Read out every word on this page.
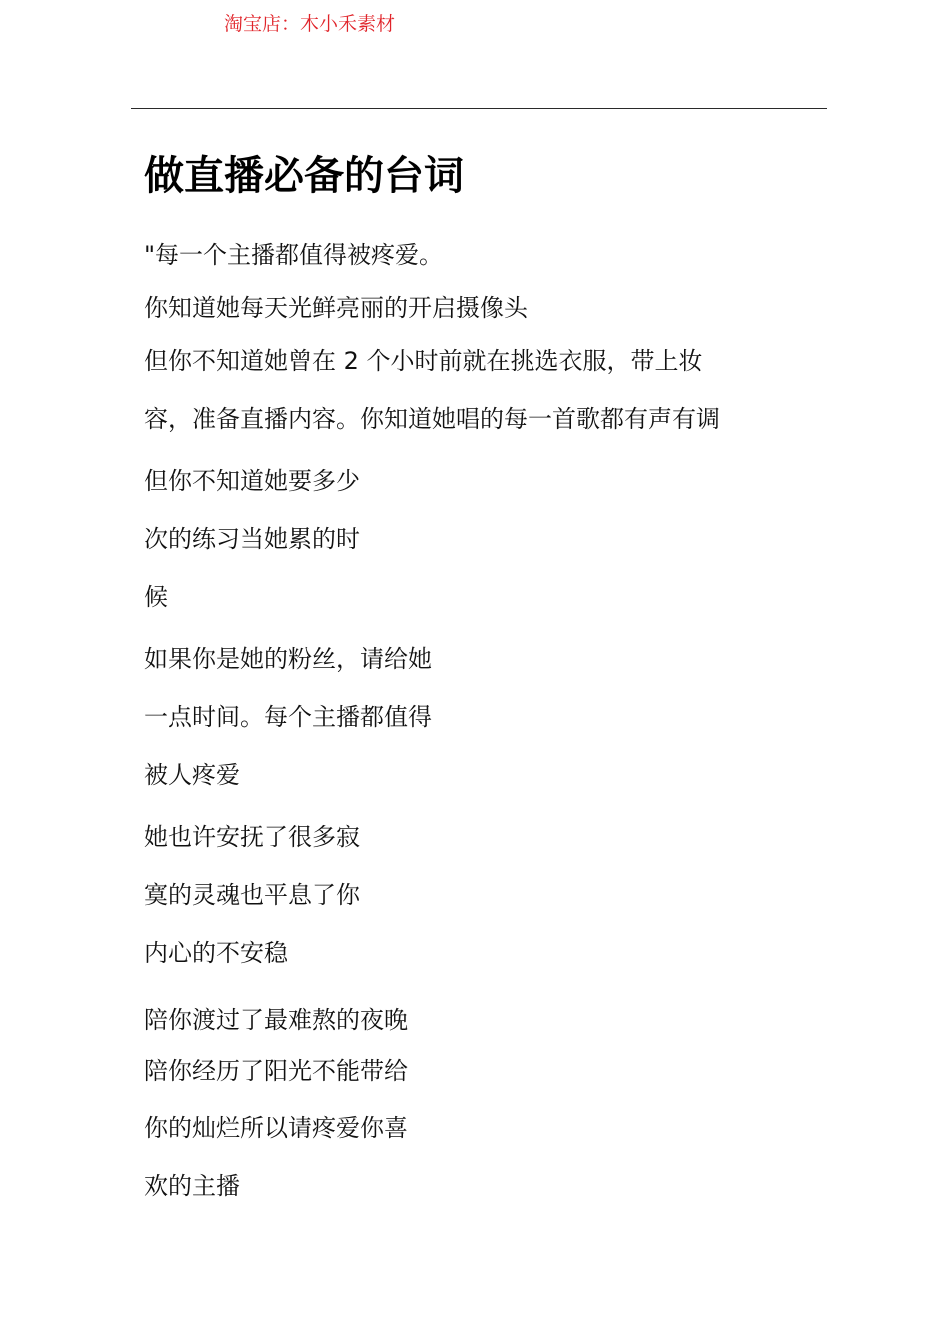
淘宝店：木小禾素材
做直播必备的台词

"每一个主播都值得被疼爱。

你知道她每天光鲜亮丽的开启摄像头

但你不知道她曾在 2 个小时前就在挑选衣服，带上妆

容，准备直播内容。你知道她唱的每一首歌都有声有调

但你不知道她要多少

次的练习当她累的时

候

如果你是她的粉丝，请给她

一点时间。每个主播都值得

被人疼爱

她也许安抚了很多寂

寞的灵魂也平息了你

内心的不安稳

陪你渡过了最难熬的夜晚

陪你经历了阳光不能带给

你的灿烂所以请疼爱你喜

欢的主播
